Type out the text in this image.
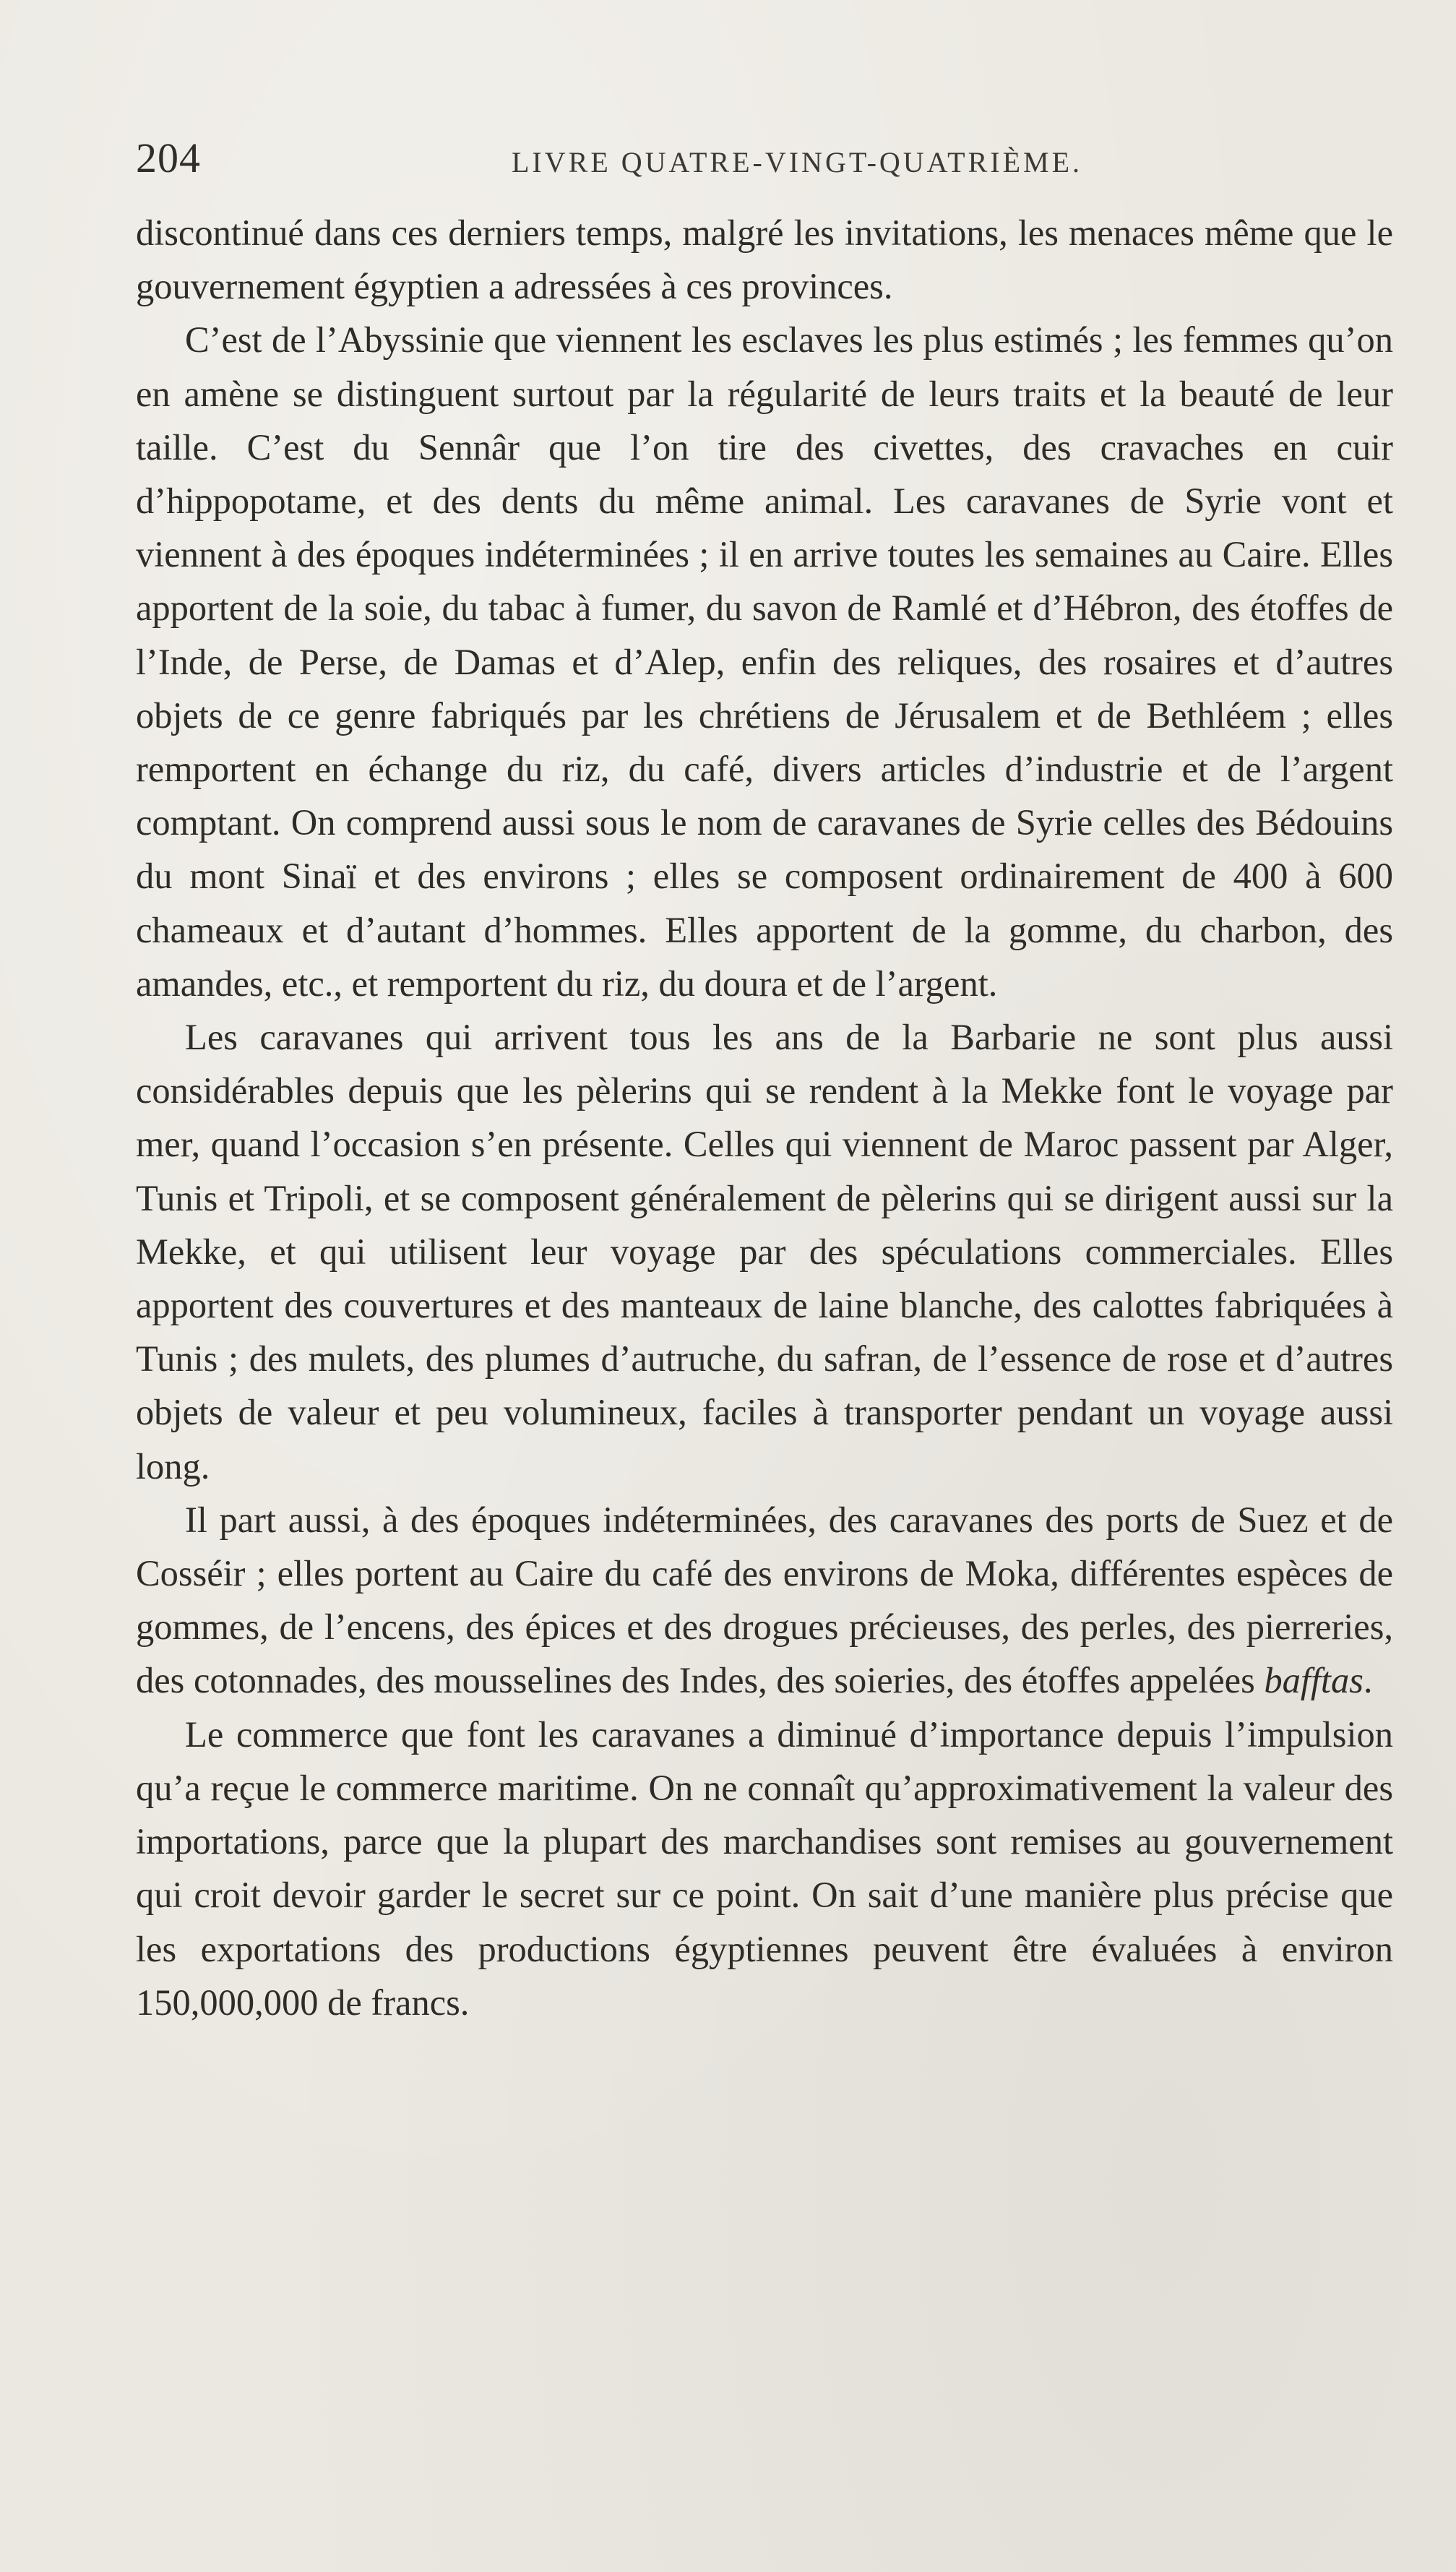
204	LIVRE QUATRE-VINGT-QUATRIÈME.

discontinué dans ces derniers temps, malgré les invitations, les menaces même que le gouvernement égyptien a adressées à ces provinces.

C’est de l’Abyssinie que viennent les esclaves les plus estimés ; les femmes qu’on en amène se distinguent surtout par la régularité de leurs traits et la beauté de leur taille. C’est du Sennâr que l’on tire des civettes, des cravaches en cuir d’hippopotame, et des dents du même animal. Les caravanes de Syrie vont et viennent à des époques indéterminées ; il en arrive toutes les semaines au Caire. Elles apportent de la soie, du tabac à fumer, du savon de Ramlé et d’Hébron, des étoffes de l’Inde, de Perse, de Damas et d’Alep, enfin des reliques, des rosaires et d’autres objets de ce genre fabriqués par les chrétiens de Jérusalem et de Bethléem ; elles remportent en échange du riz, du café, divers articles d’industrie et de l’argent comptant. On comprend aussi sous le nom de caravanes de Syrie celles des Bédouins du mont Sinaï et des environs ; elles se composent ordinairement de 400 à 600 chameaux et d’autant d’hommes. Elles apportent de la gomme, du charbon, des amandes, etc., et remportent du riz, du doura et de l’argent.

Les caravanes qui arrivent tous les ans de la Barbarie ne sont plus aussi considérables depuis que les pèlerins qui se rendent à la Mekke font le voyage par mer, quand l’occasion s’en présente. Celles qui viennent de Maroc passent par Alger, Tunis et Tripoli, et se composent généralement de pèlerins qui se dirigent aussi sur la Mekke, et qui utilisent leur voyage par des spéculations commerciales. Elles apportent des couvertures et des manteaux de laine blanche, des calottes fabriquées à Tunis ; des mulets, des plumes d’autruche, du safran, de l’essence de rose et d’autres objets de valeur et peu volumineux, faciles à transporter pendant un voyage aussi long.

Il part aussi, à des époques indéterminées, des caravanes des ports de Suez et de Cosséir ; elles portent au Caire du café des environs de Moka, différentes espèces de gommes, de l’encens, des épices et des drogues précieuses, des perles, des pierreries, des cotonnades, des mousselines des Indes, des soieries, des étoffes appelées bafftas.

Le commerce que font les caravanes a diminué d’importance depuis l’impulsion qu’a reçue le commerce maritime. On ne connaît qu’approximativement la valeur des importations, parce que la plupart des marchandises sont remises au gouvernement qui croit devoir garder le secret sur ce point. On sait d’une manière plus précise que les exportations des productions égyptiennes peuvent être évaluées à environ 150,000,000 de francs.
